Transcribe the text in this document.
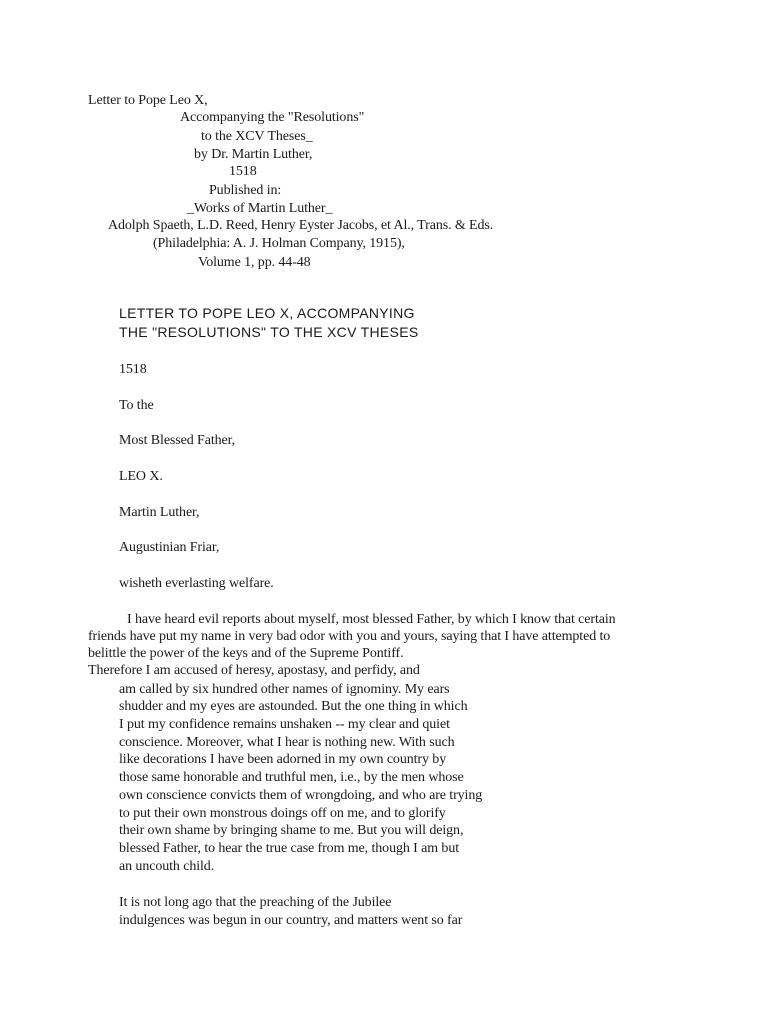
Letter to Pope Leo X,
Accompanying the "Resolutions"
to the XCV Theses_
by Dr. Martin Luther,
1518
Published in:
_Works of Martin Luther_
Adolph Spaeth, L.D. Reed, Henry Eyster Jacobs, et Al., Trans. & Eds.
(Philadelphia: A. J. Holman Company, 1915),
Volume 1, pp. 44-48
LETTER TO POPE LEO X, ACCOMPANYING
THE "RESOLUTIONS" TO THE XCV THESES
1518
To the
Most Blessed Father,
LEO X.
Martin Luther,
Augustinian Friar,
wisheth everlasting welfare.
I have heard evil reports about myself, most blessed Father, by which I know that certain
friends have put my name in very bad odor with you and yours, saying that I have attempted to
belittle the power of the keys and of the Supreme Pontiff.
Therefore I am accused of heresy, apostasy, and perfidy, and
am called by six hundred other names of ignominy. My ears
shudder and my eyes are astounded. But the one thing in which
I put my confidence remains unshaken -- my clear and quiet
conscience. Moreover, what I hear is nothing new. With such
like decorations I have been adorned in my own country by
those same honorable and truthful men, i.e., by the men whose
own conscience convicts them of wrongdoing, and who are trying
to put their own monstrous doings off on me, and to glorify
their own shame by bringing shame to me. But you will deign,
blessed Father, to hear the true case from me, though I am but
an uncouth child.
It is not long ago that the preaching of the Jubilee
indulgences was begun in our country, and matters went so far
